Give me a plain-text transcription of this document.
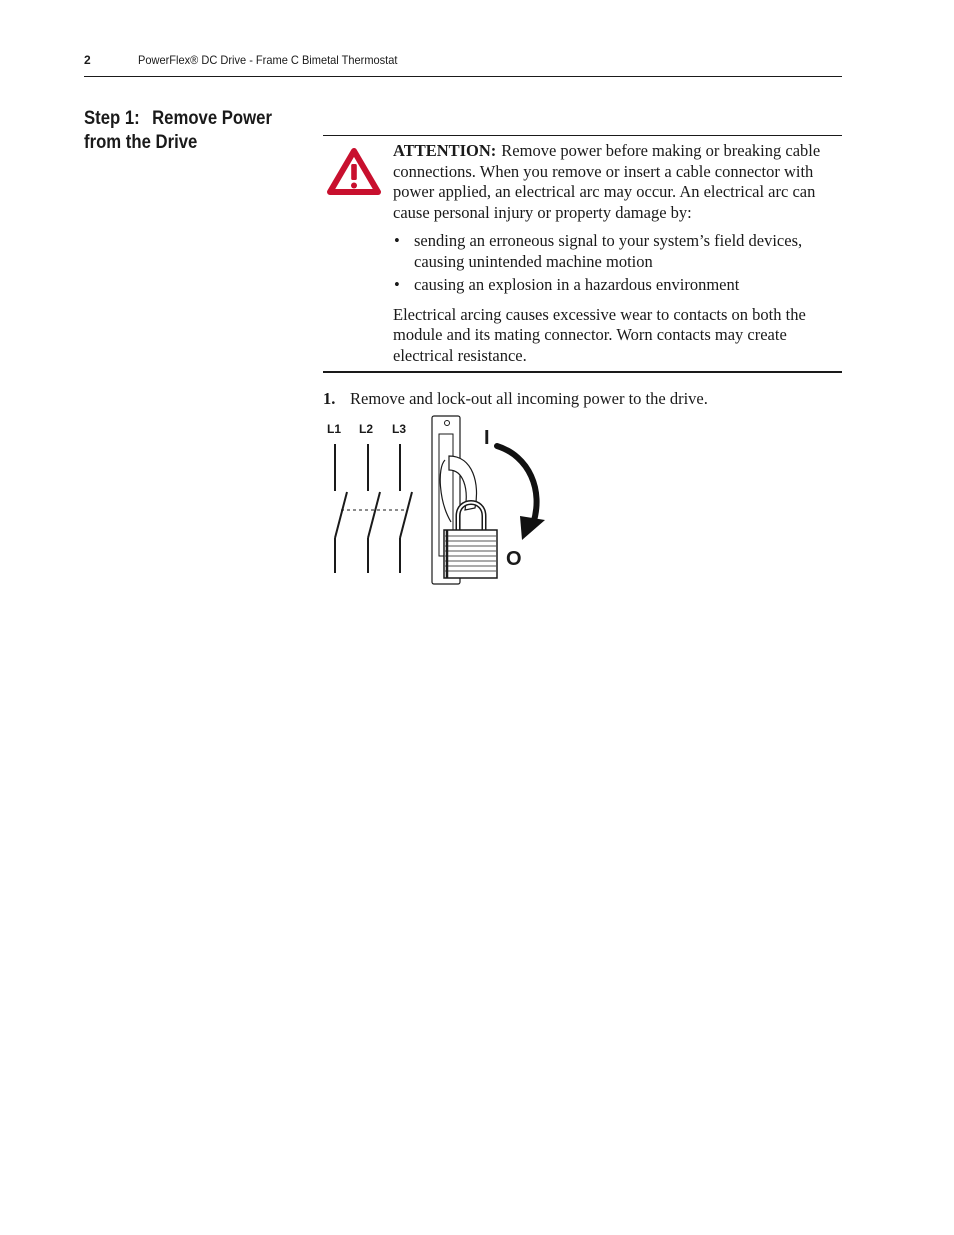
2	PowerFlex® DC Drive - Frame C Bimetal Thermostat
Step 1: Remove Power from the Drive	ATTENTION: Remove power before making or breaking cable connections. When you remove or insert a cable connector with power applied, an electrical arc may occur. An electrical arc can cause personal injury or property damage by:

• sending an erroneous signal to your system’s field devices, causing unintended machine motion
• causing an explosion in a hazardous environment

Electrical arcing causes excessive wear to contacts on both the module and its mating connector. Worn contacts may create electrical resistance.

1. Remove and lock-out all incoming power to the drive.
L1 L2 L3	I
O
